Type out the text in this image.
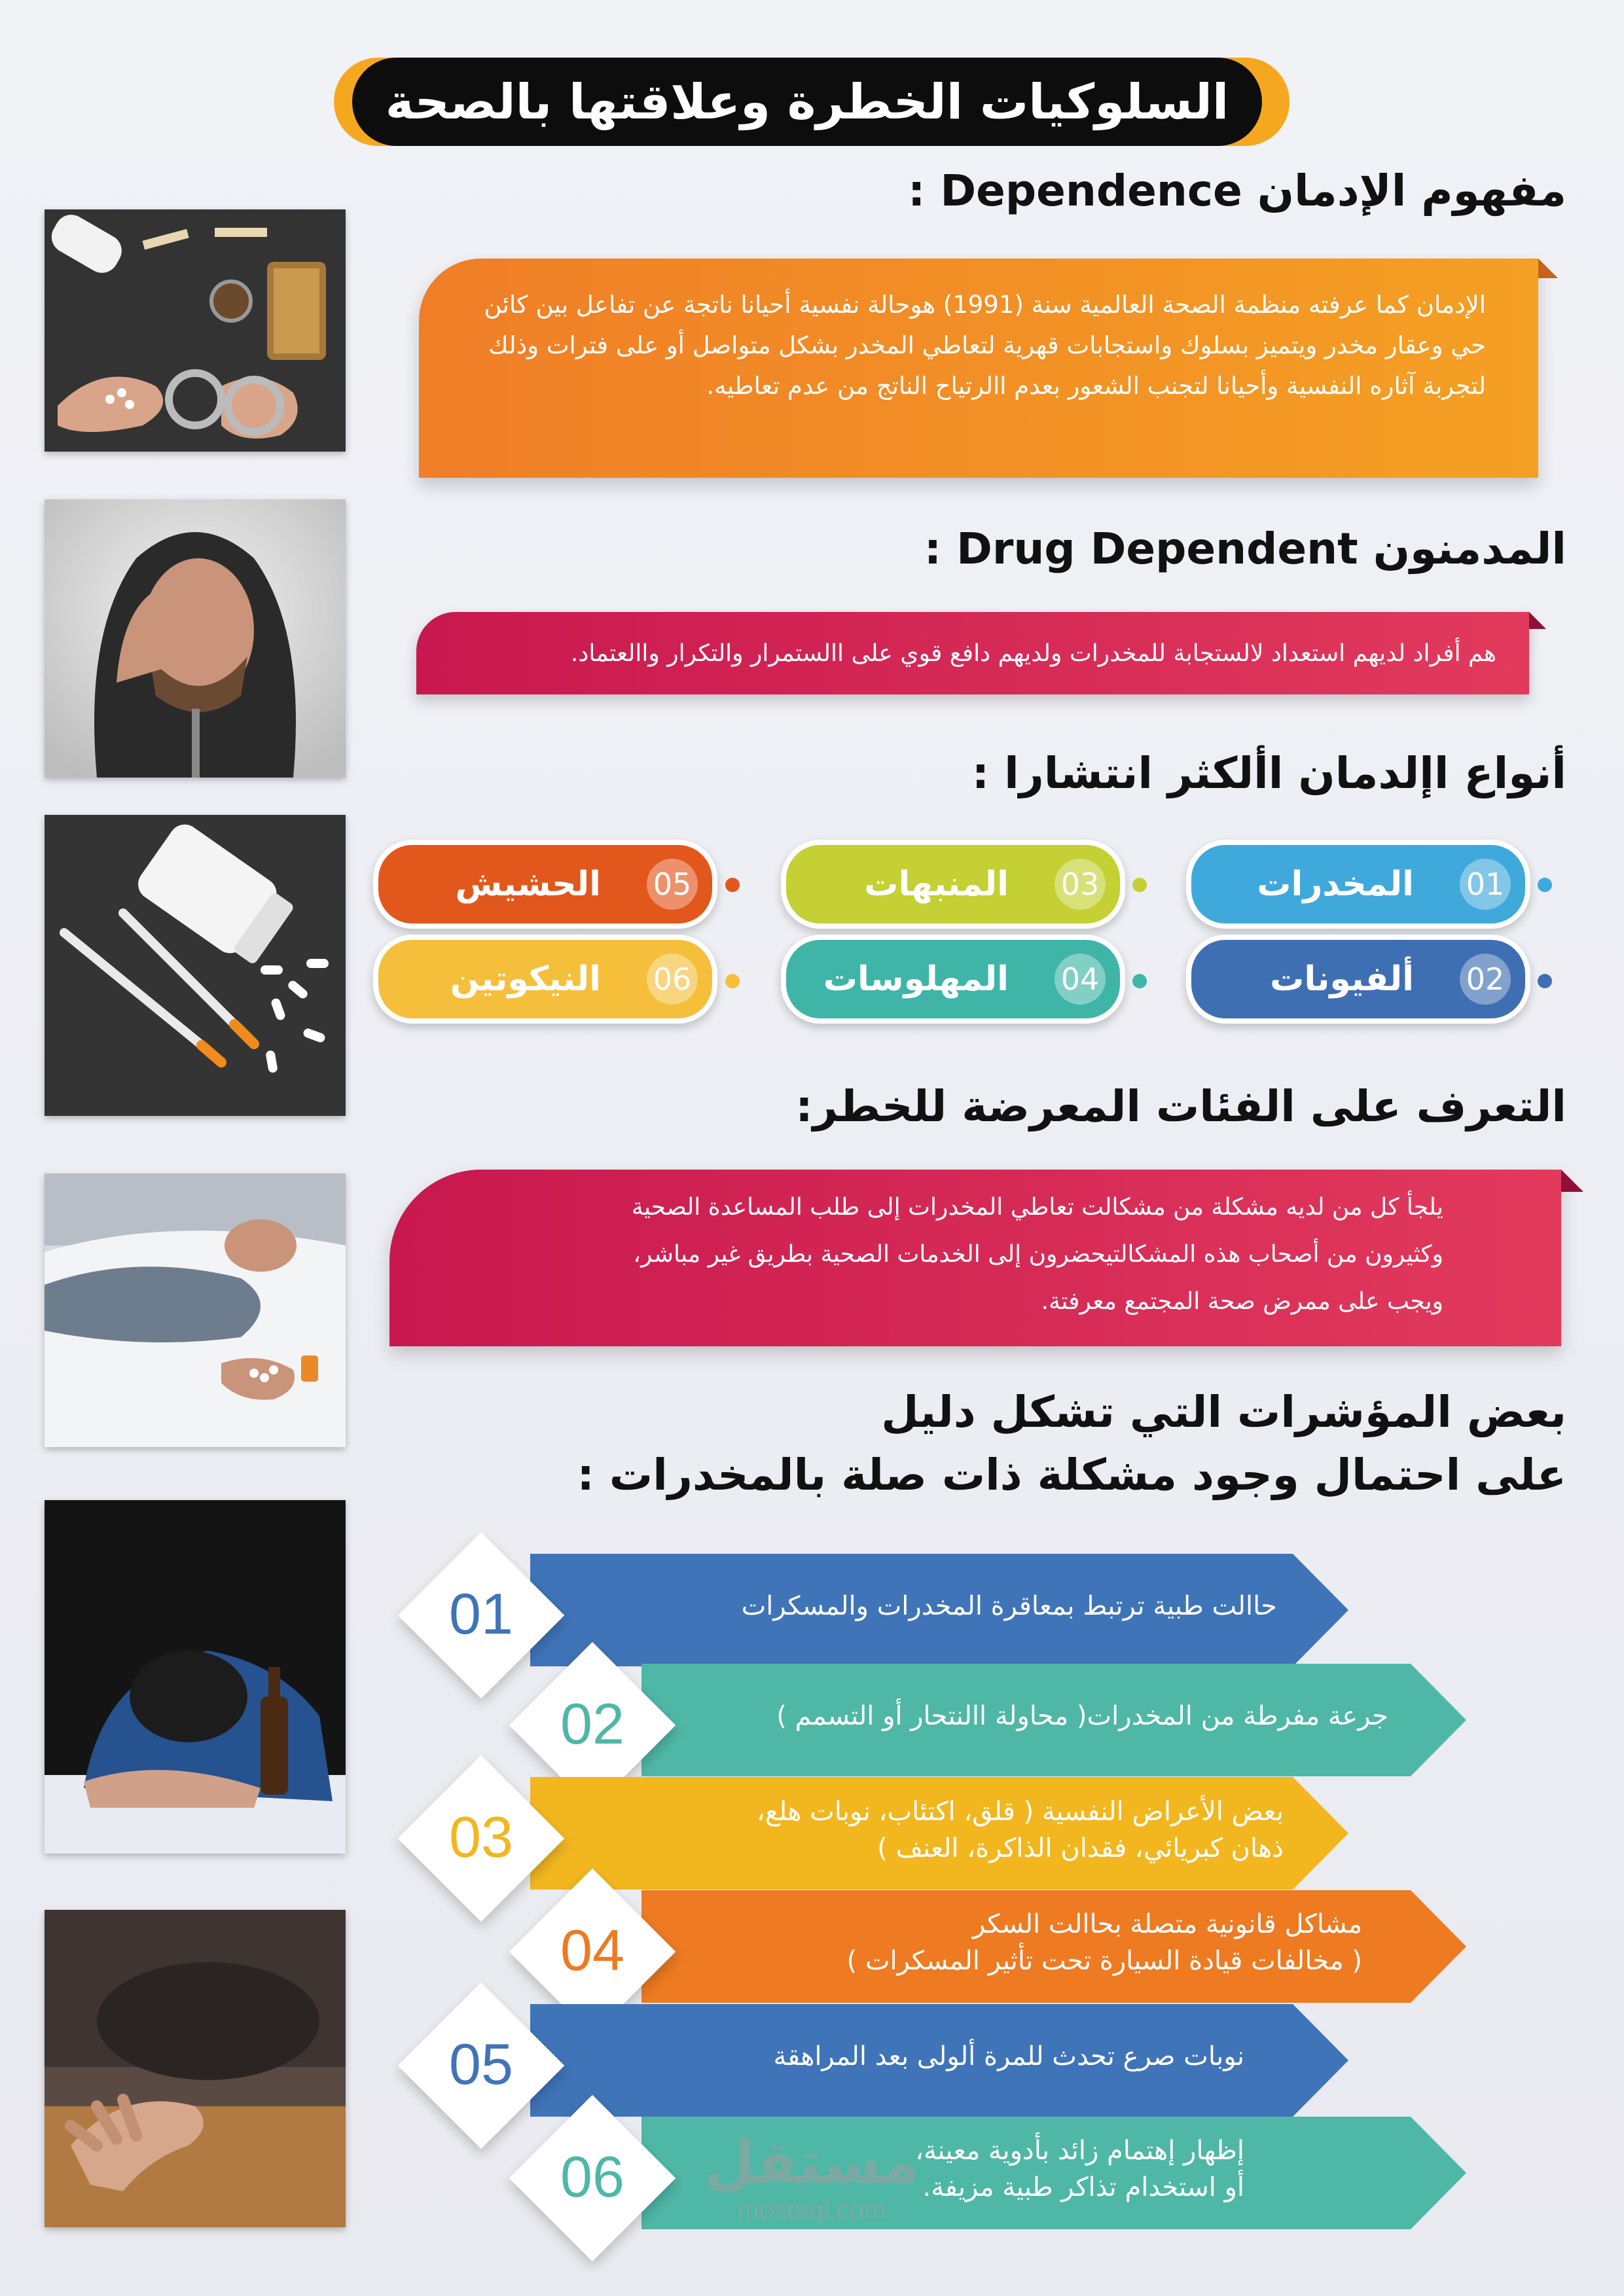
السلوكيات الخطرة وعلاقتها بالصحة
مفهوم الإدمان Dependence :
الإدمان كما عرفته منظمة الصحة العالمية سنة (1991) هوحالة نفسية أحيانا ناتجة عن تفاعل بين كائن حي وعقار مخدر ويتميز بسلوك واستجابات قهرية لتعاطي المخدر بشكل متواصل أو على فترات وذلك لتجربة آثاره النفسية وأحيانا لتجنب الشعور بعدم االرتياح الناتج من عدم تعاطيه.
المدمنون Drug Dependent :
هم أفراد لديهم استعداد لالستجابة للمخدرات ولديهم دافع قوي على االستمرار والتكرار واالعتماد.
أنواع اإلدمان األكثر انتشارا :
01
المخدرات
02
ألفيونات
03
المنبهات
04
المهلوسات
05
الحشيش
06
النيكوتين
التعرف على الفئات المعرضة للخطر:
يلجأ كل من لديه مشكلة من مشكالت تعاطي المخدرات إلى طلب المساعدة الصحية
وكثيرون من أصحاب هذه المشكالتيحضرون إلى الخدمات الصحية بطريق غير مباشر،
ويجب على ممرض صحة المجتمع معرفتة.
بعض المؤشرات التي تشكل دليل
على احتمال وجود مشكلة ذات صلة بالمخدرات :
حاالت طبية ترتبط بمعاقرة المخدرات والمسكرات
01
جرعة مفرطة من المخدرات( محاولة االنتحار أو التسمم )
02
بعض الأعراض النفسية ( قلق، اكتئاب، نوبات هلع،
ذهان كبريائي، فقدان الذاكرة، العنف )
03
مشاكل قانونية متصلة بحاالت السكر
( مخالفات قيادة السيارة تحت تأثير المسكرات )
04
نوبات صرع تحدث للمرة ألولى بعد المراهقة
05
إظهار إهتمام زائد بأدوية معينة،
أو استخدام تذاكر طبية مزيفة.
06	مستقل
mostaql.com
